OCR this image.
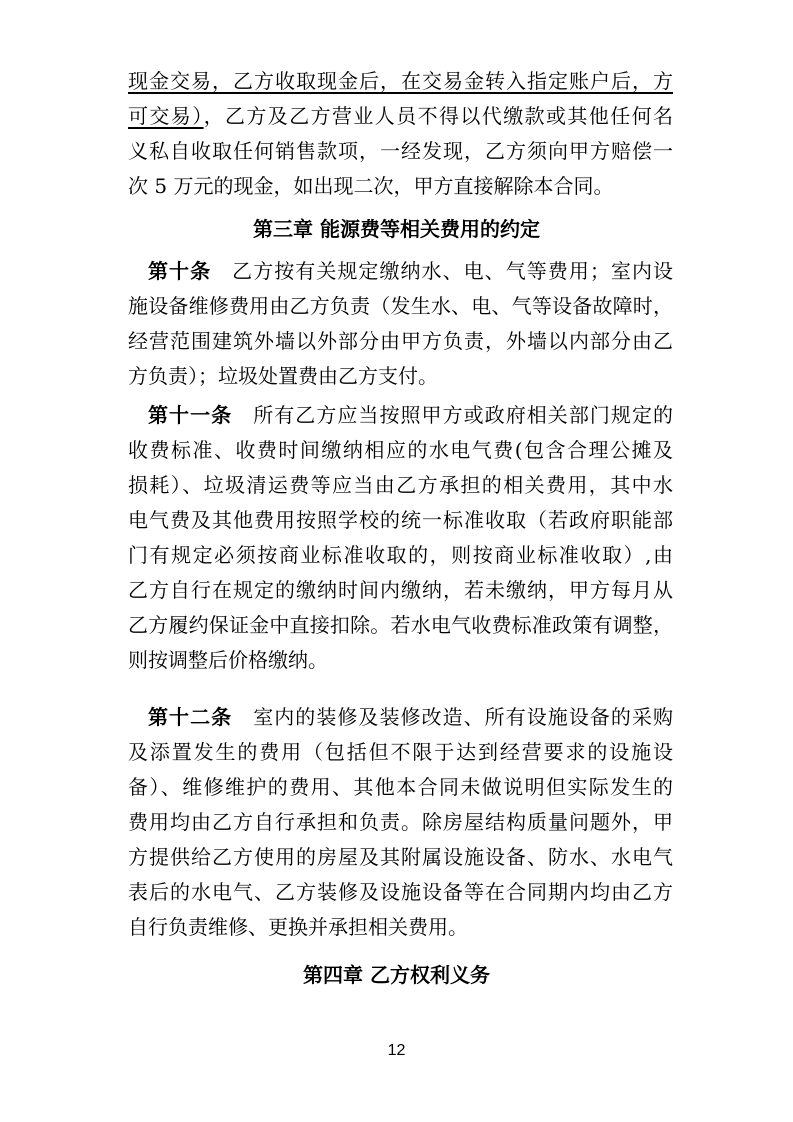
现金交易，乙方收取现金后，在交易金转入指定账户后，方
可交易），乙方及乙方营业人员不得以代缴款或其他任何名
义私自收取任何销售款项，一经发现，乙方须向甲方赔偿一
次 5 万元的现金，如出现二次，甲方直接解除本合同。
第三章 能源费等相关费用的约定
第十条  乙方按有关规定缴纳水、电、气等费用；室内设
施设备维修费用由乙方负责（发生水、电、气等设备故障时，
经营范围建筑外墙以外部分由甲方负责，外墙以内部分由乙
方负责）；垃圾处置费由乙方支付。
第十一条  所有乙方应当按照甲方或政府相关部门规定的
收费标准、收费时间缴纳相应的水电气费(包含合理公摊及
损耗）、垃圾清运费等应当由乙方承担的相关费用，其中水
电气费及其他费用按照学校的统一标准收取（若政府职能部
门有规定必须按商业标准收取的，则按商业标准收取）,由
乙方自行在规定的缴纳时间内缴纳，若未缴纳，甲方每月从
乙方履约保证金中直接扣除。若水电气收费标准政策有调整，
则按调整后价格缴纳。
第十二条  室内的装修及装修改造、所有设施设备的采购
及添置发生的费用（包括但不限于达到经营要求的设施设
备）、维修维护的费用、其他本合同未做说明但实际发生的
费用均由乙方自行承担和负责。除房屋结构质量问题外，甲
方提供给乙方使用的房屋及其附属设施设备、防水、水电气
表后的水电气、乙方装修及设施设备等在合同期内均由乙方
自行负责维修、更换并承担相关费用。
第四章 乙方权利义务
12
